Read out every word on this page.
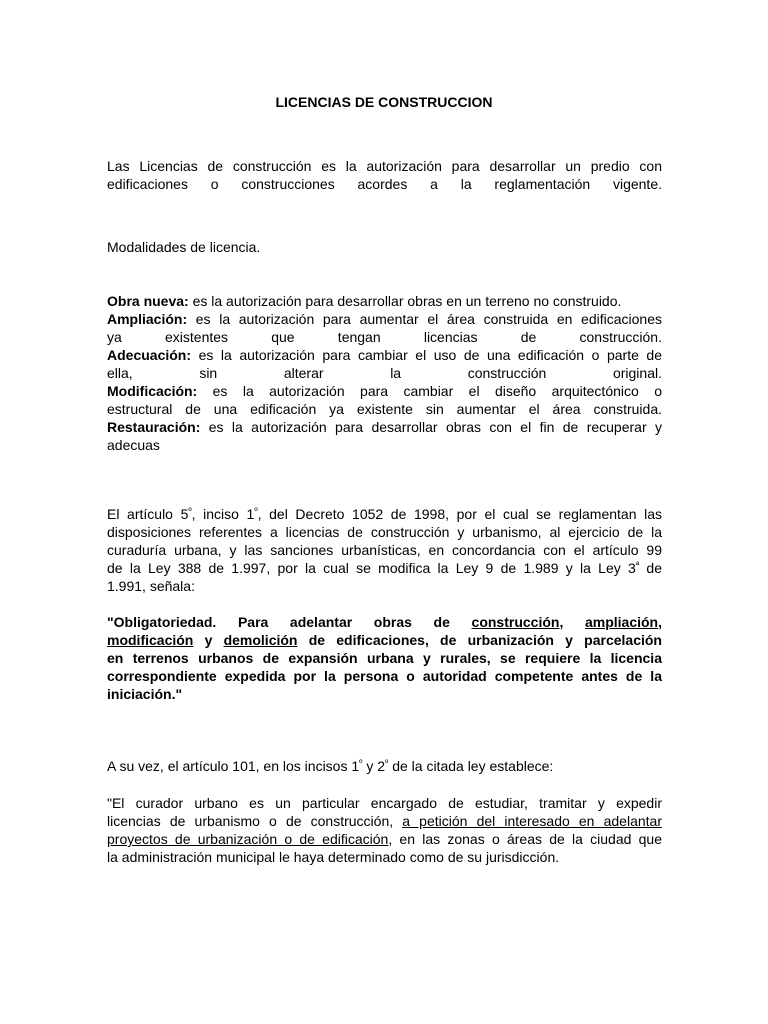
LICENCIAS DE CONSTRUCCION
Las Licencias de construcción es la autorización para desarrollar un predio con
edificaciones o construcciones acordes a la reglamentación vigente.
Modalidades de licencia.
Obra nueva: es la autorización para desarrollar obras en un terreno no construido.
Ampliación: es la autorización para aumentar el área construida en edificaciones
ya existentes que tengan licencias de construcción.
Adecuación: es la autorización para cambiar el uso de una edificación o parte de
ella, sin alterar la construcción original.
Modificación: es la autorización para cambiar el diseño arquitectónico o
estructural de una edificación ya existente sin aumentar el área construida.
Restauración: es la autorización para desarrollar obras con el fin de recuperar y
adecuas
El artículo $5^º$, inciso $1^º$, del Decreto 1052 de 1998, por el cual se reglamentan las
disposiciones referentes a licencias de construcción y urbanismo, al ejercicio de la
curaduría urbana, y las sanciones urbanísticas, en concordancia con el artículo 99
de la Ley 388 de 1.997, por la cual se modifica la Ley 9 de 1.989 y la Ley $3^ª$ de
1.991, señala:
"Obligatoriedad. Para adelantar obras de construcción, ampliación,
modificación y demolición de edificaciones, de urbanización y parcelación
en terrenos urbanos de expansión urbana y rurales, se requiere la licencia
correspondiente expedida por la persona o autoridad competente antes de la
iniciación."
A su vez, el artículo 101, en los incisos $1^º$ y $2^º$ de la citada ley establece:
"El curador urbano es un particular encargado de estudiar, tramitar y expedir
licencias de urbanismo o de construcción, a petición del interesado en adelantar
proyectos de urbanización o de edificación, en las zonas o áreas de la ciudad que
la administración municipal le haya determinado como de su jurisdicción.
